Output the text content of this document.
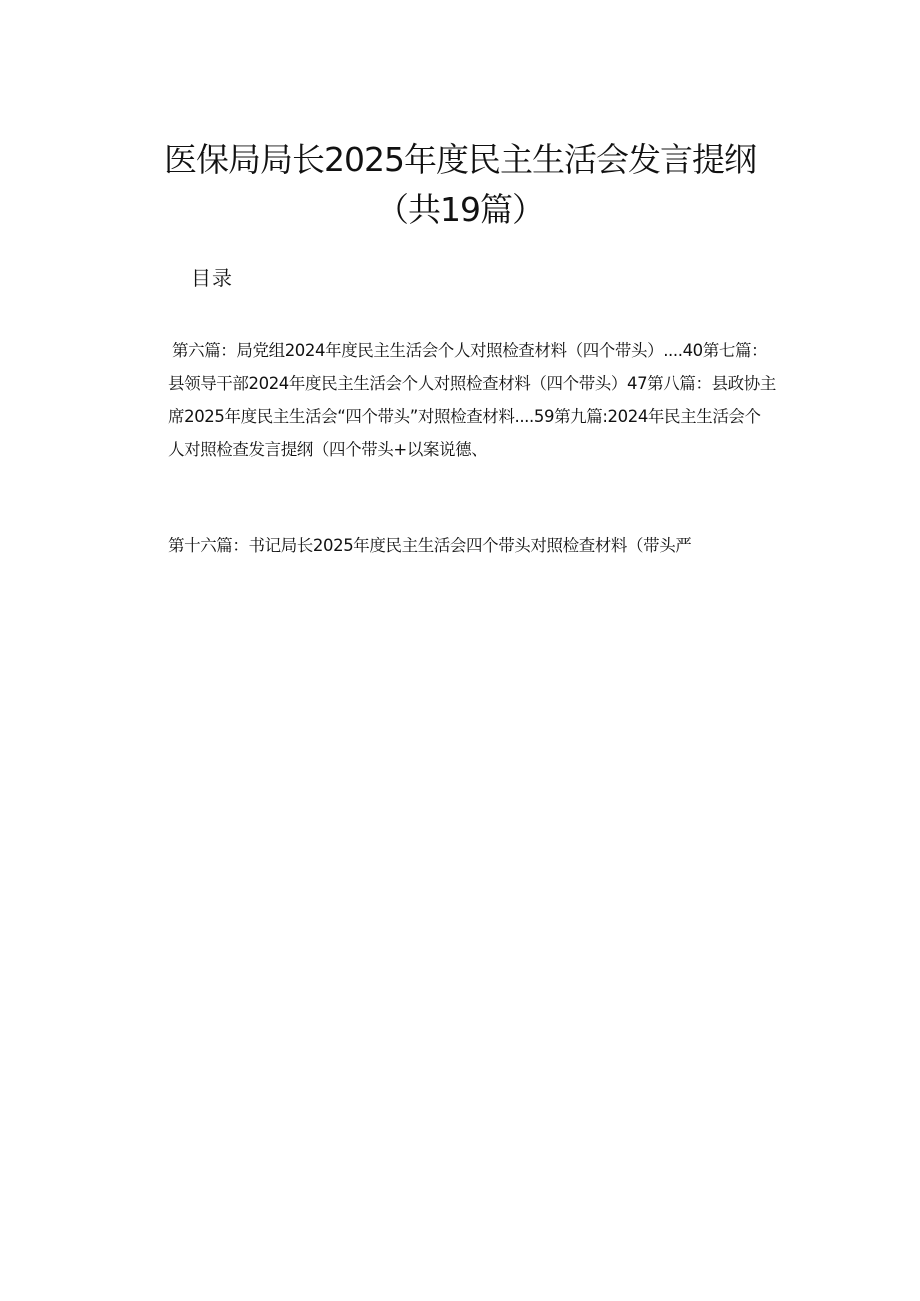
医保局局长2025年度民主生活会发言提纲
（共19篇）
目录
第六篇：局党组2024年度民主生活会个人对照检查材料（四个带头）....40第七篇：
县领导干部2024年度民主生活会个人对照检查材料（四个带头）47第八篇：县政协主
席2025年度民主生活会“四个带头”对照检查材料....59第九篇:2024年民主生活会个
人对照检查发言提纲（四个带头+以案说德、
第十六篇：书记局长2025年度民主生活会四个带头对照检查材料（带头严
